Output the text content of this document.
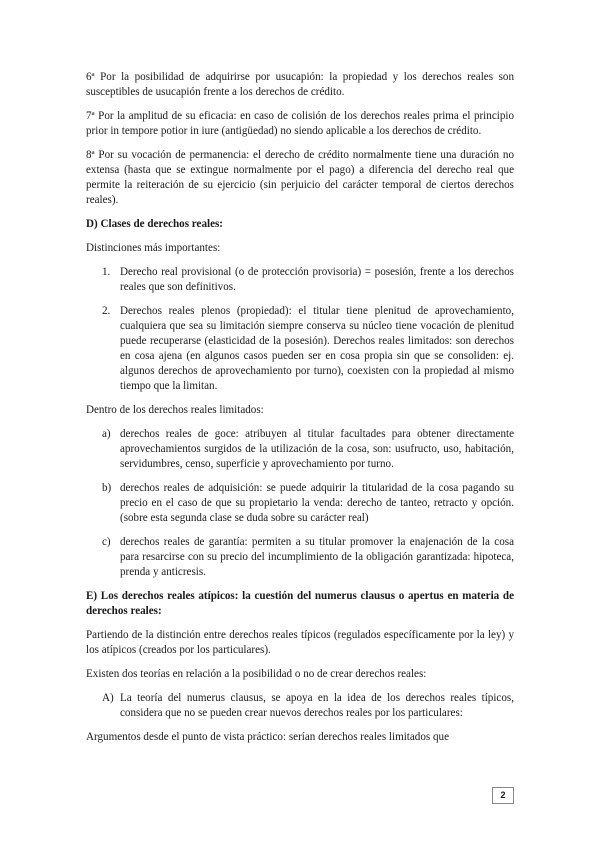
6ª Por la posibilidad de adquirirse por usucapión: la propiedad y los derechos reales son susceptibles de usucapión frente a los derechos de crédito.

7ª Por la amplitud de su eficacia: en caso de colisión de los derechos reales prima el principio prior in tempore potior in iure (antigüedad) no siendo aplicable a los derechos de crédito.

8ª Por su vocación de permanencia: el derecho de crédito normalmente tiene una duración no extensa (hasta que se extingue normalmente por el pago) a diferencia del derecho real que permite la reiteración de su ejercicio (sin perjuicio del carácter temporal de ciertos derechos reales).

D) Clases de derechos reales:

Distinciones más importantes:

1. Derecho real provisional (o de protección provisoria) = posesión, frente a los derechos reales que son definitivos.
2. Derechos reales plenos (propiedad): el titular tiene plenitud de aprovechamiento, cualquiera que sea su limitación siempre conserva su núcleo tiene vocación de plenitud puede recuperarse (elasticidad de la posesión). Derechos reales limitados: son derechos en cosa ajena (en algunos casos pueden ser en cosa propia sin que se consoliden: ej. algunos derechos de aprovechamiento por turno), coexisten con la propiedad al mismo tiempo que la limitan.

Dentro de los derechos reales limitados:

a) derechos reales de goce: atribuyen al titular facultades para obtener directamente aprovechamientos surgidos de la utilización de la cosa, son: usufructo, uso, habitación, servidumbres, censo, superficie y aprovechamiento por turno.
b) derechos reales de adquisición: se puede adquirir la titularidad de la cosa pagando su precio en el caso de que su propietario la venda: derecho de tanteo, retracto y opción. (sobre esta segunda clase se duda sobre su carácter real)
c) derechos reales de garantía: permiten a su titular promover la enajenación de la cosa para resarcirse con su precio del incumplimiento de la obligación garantizada: hipoteca, prenda y anticresis.

E) Los derechos reales atípicos: la cuestión del numerus clausus o apertus en materia de derechos reales:

Partiendo de la distinción entre derechos reales típicos (regulados específicamente por la ley) y los atípicos (creados por los particulares).

Existen dos teorías en relación a la posibilidad o no de crear derechos reales:

A) La teoría del numerus clausus, se apoya en la idea de los derechos reales típicos, considera que no se pueden crear nuevos derechos reales por los particulares:

Argumentos desde el punto de vista práctico: serían derechos reales limitados que

2
